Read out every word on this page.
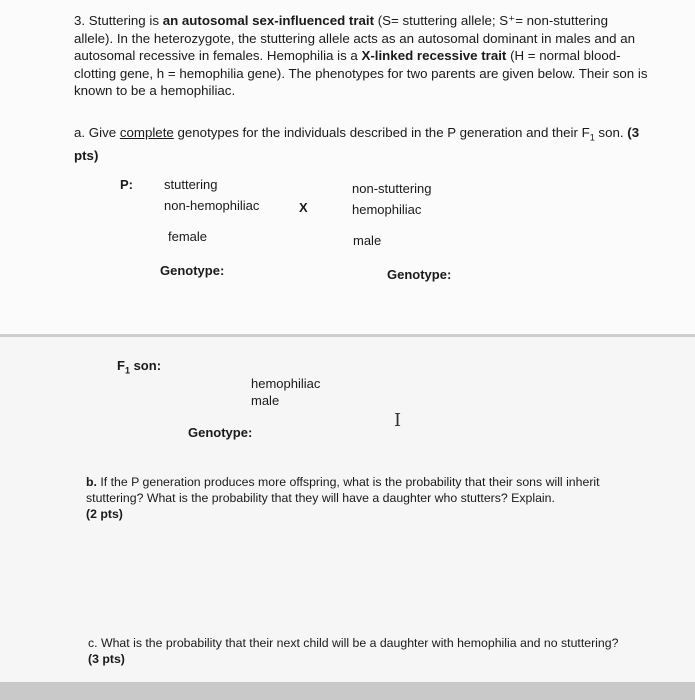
3. Stuttering is an autosomal sex-influenced trait (S= stuttering allele; S⁺= non-stuttering allele). In the heterozygote, the stuttering allele acts as an autosomal dominant in males and an autosomal recessive in females. Hemophilia is a X-linked recessive trait (H = normal blood-clotting gene, h = hemophilia gene). The phenotypes for two parents are given below. Their son is known to be a hemophiliac.
a. Give complete genotypes for the individuals described in the P generation and their $F_1$ son. (3 pts)
P: stuttering
non-hemophiliac
female
Genotype:
X
non-stuttering
hemophiliac
male
Genotype:
$F_1$ son:
hemophiliac
male
Genotype:
I
b. If the P generation produces more offspring, what is the probability that their sons will inherit stuttering? What is the probability that they will have a daughter who stutters? Explain.
(2 pts)
c. What is the probability that their next child will be a daughter with hemophilia and no stuttering? (3 pts)
